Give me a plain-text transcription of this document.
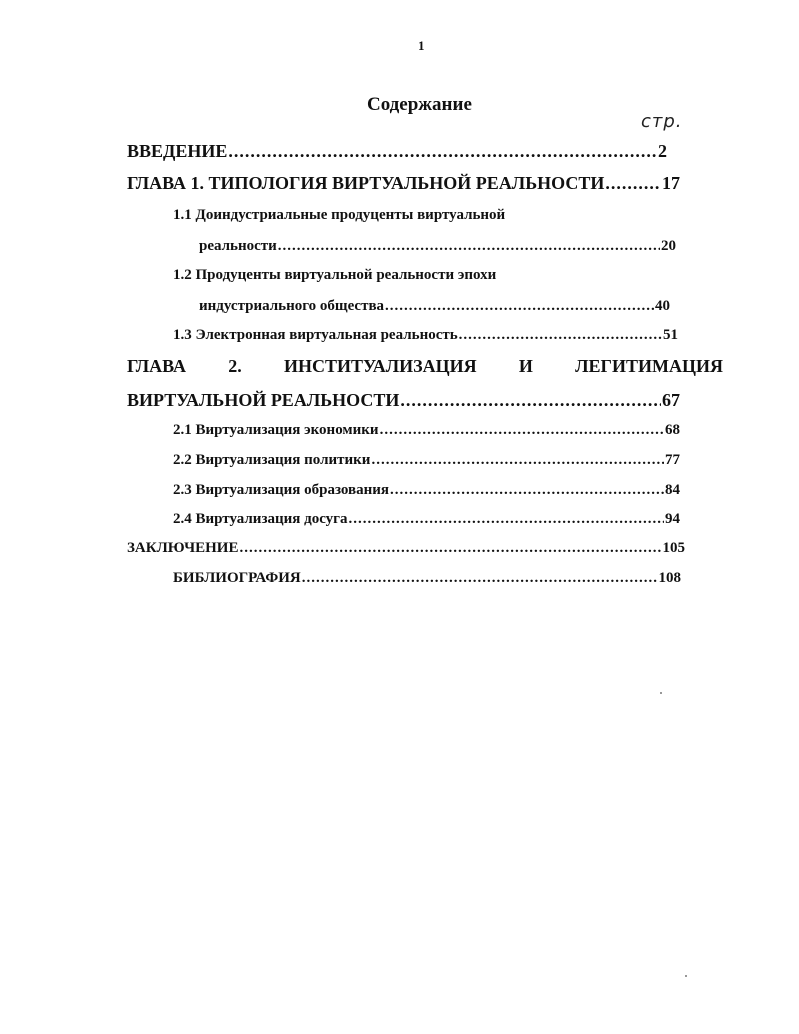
1
Содержание
стр.
ВВЕДЕНИЕ .....	2
ГЛАВА 1. ТИПОЛОГИЯ ВИРТУАЛЬНОЙ РЕАЛЬНОСТИ .....	17
1.1 Доиндустриальные продуценты виртуальной
реальности .....	20
1.2 Продуценты виртуальной реальности эпохи
индустриального общества .....	40
1.3 Электронная виртуальная реальность .....	51
ГЛАВА 2. ИНСТИТУАЛИЗАЦИЯ И ЛЕГИТИМАЦИЯ
ВИРТУАЛЬНОЙ РЕАЛЬНОСТИ .....	67
2.1 Виртуализация экономики .....	68
2.2 Виртуализация политики .....	77
2.3 Виртуализация образования .....	84
2.4 Виртуализация досуга .....	94
ЗАКЛЮЧЕНИЕ .....	105
БИБЛИОГРАФИЯ .....	108
